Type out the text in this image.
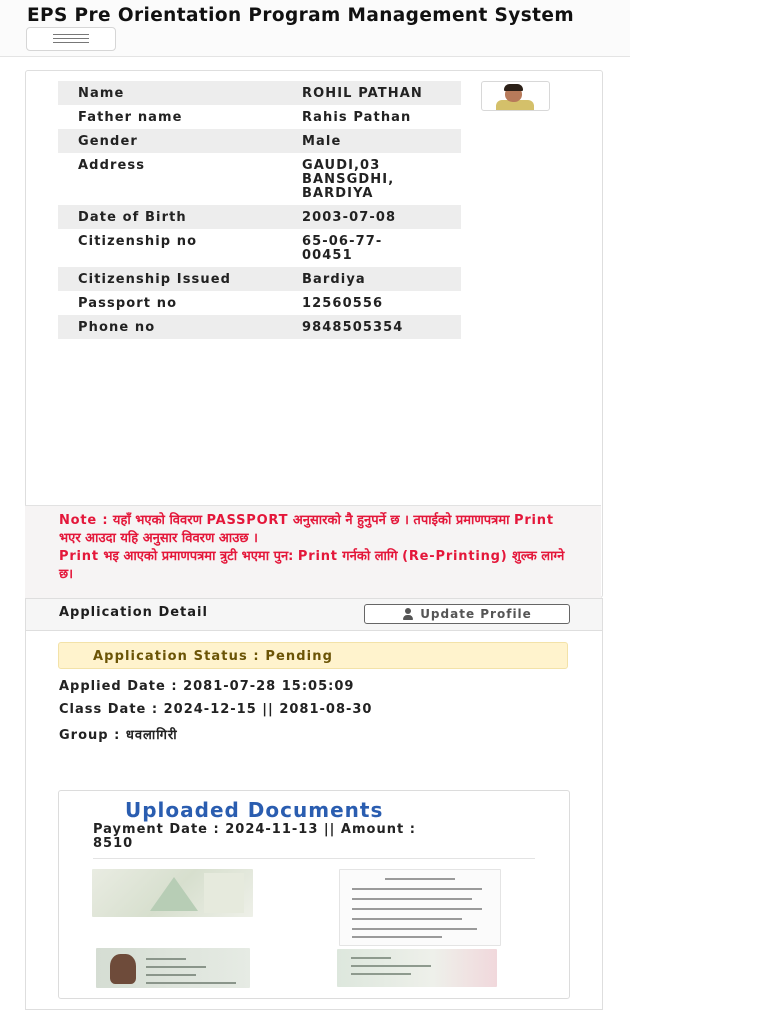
EPS Pre Orientation Program Management System
Name	ROHIL PATHAN
Father name	Rahis Pathan
Gender	Male
Address	GAUDI,03 BANSGDHI, BARDIYA
Date of Birth	2003-07-08
Citizenship no	65-06-77-00451
Citizenship Issued	Bardiya
Passport no	12560556
Phone no	9848505354
Note : यहाँ भएको विवरण PASSPORT अनुसारको नै हुनुपर्ने छ । तपाईको प्रमाणपत्रमा Print भएर आउदा यहि अनुसार विवरण आउछ ।
Print भइ आएको प्रमाणपत्रमा त्रुटी भएमा पुन: Print गर्नको लागि (Re-Printing) शुल्क लाग्ने छ।
Application Detail	Update Profile
Application Status : Pending
Applied Date : 2081-07-28 15:05:09
Class Date : 2024-12-15 || 2081-08-30
Group : धवलागिरी
Uploaded Documents
Payment Date : 2024-11-13 || Amount : 8510
